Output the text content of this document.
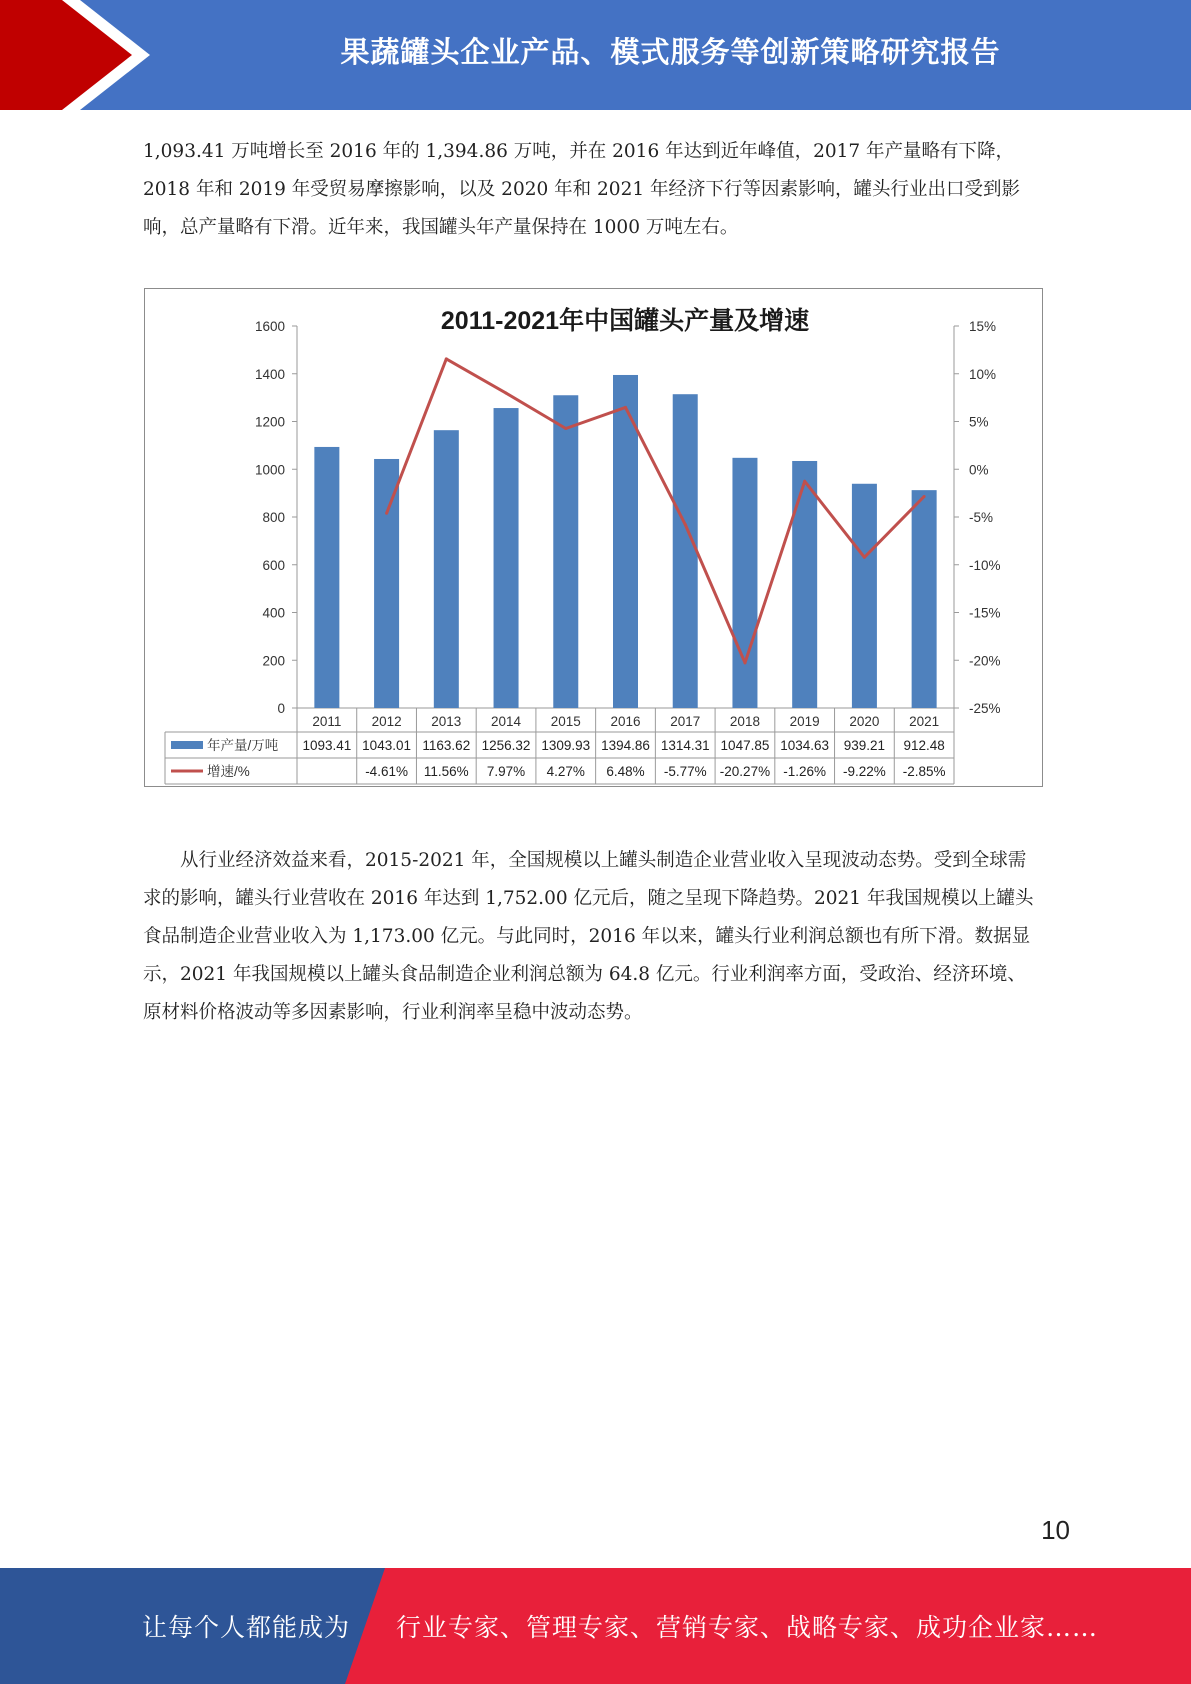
果蔬罐头企业产品、模式服务等创新策略研究报告

1,093.41 万吨增长至 2016 年的 1,394.86 万吨，并在 2016 年达到近年峰值，2017 年产量略有下降，2018 年和 2019 年受贸易摩擦影响，以及 2020 年和 2021 年经济下行等因素影响，罐头行业出口受到影响，总产量略有下滑。近年来，我国罐头年产量保持在 1000 万吨左右。

2011-2021年中国罐头产量及增速
0
200
400
600
800
1000
1200
1400
1600
-25%
-20%
-15%
-10%
-5%
0%
5%
10%
15%
2011 2012 2013 2014 2015 2016 2017 2018 2019 2020 2021
年产量/万吨
增速/%
1093.41 1043.01 1163.62 1256.32 1309.93 1394.86 1314.31 1047.85 1034.63 939.21 912.48
-4.61% 11.56% 7.97% 4.27% 6.48% -5.77% -20.27% -1.26% -9.22% -2.85%

从行业经济效益来看，2015-2021 年，全国规模以上罐头制造企业营业收入呈现波动态势。受到全球需求的影响，罐头行业营收在 2016 年达到 1,752.00 亿元后，随之呈现下降趋势。2021 年我国规模以上罐头食品制造企业营业收入为 1,173.00 亿元。与此同时，2016 年以来，罐头行业利润总额也有所下滑。数据显示，2021 年我国规模以上罐头食品制造企业利润总额为 64.8 亿元。行业利润率方面，受政治、经济环境、原材料价格波动等多因素影响，行业利润率呈稳中波动态势。

10
让每个人都能成为 行业专家、管理专家、营销专家、战略专家、成功企业家……
